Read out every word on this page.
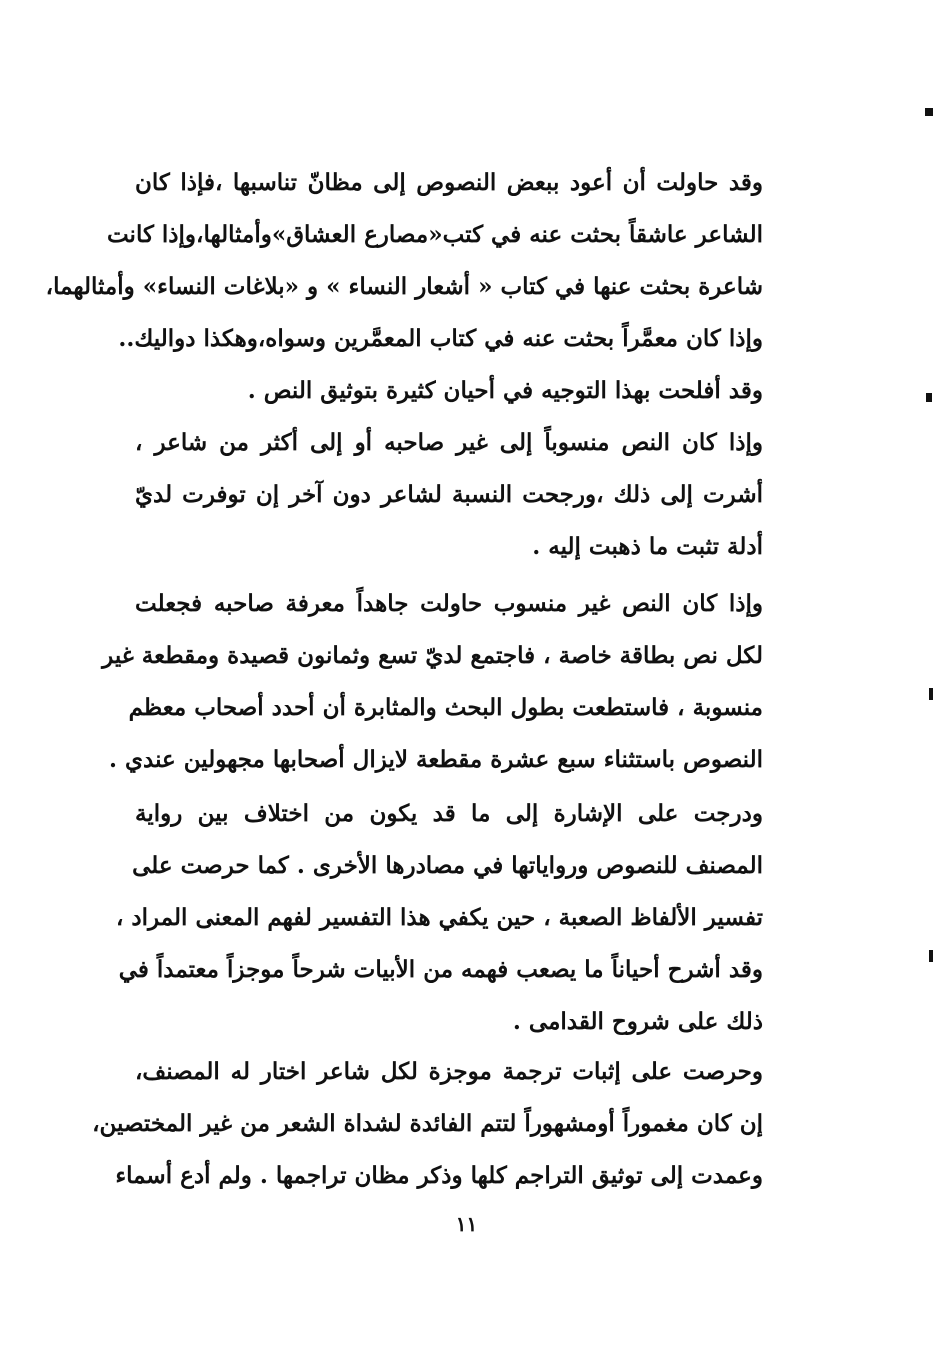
وقد حاولت أن أعود ببعض النصوص إلى مظانّ تناسبها ،فإذا كان
الشاعر عاشقاً بحثت عنه في كتب«مصارع العشاق»وأمثالها،وإذا كانت
شاعرة بحثت عنها في كتاب « أشعار النساء » و «بلاغات النساء» وأمثالهما،
وإذا كان معمَّراً بحثت عنه في كتاب المعمَّرين وسواه،وهكذا دواليك..
وقد أفلحت بهذا التوجيه في أحيان كثيرة بتوثيق النص .
وإذا كان النص منسوباً إلى غير صاحبه أو إلى أكثر من شاعر ،
أشرت إلى ذلك ،ورجحت النسبة لشاعر دون آخر إن توفرت لديّ
أدلة تثبت ما ذهبت إليه .
وإذا كان النص غير منسوب حاولت جاهداً معرفة صاحبه فجعلت
لكل نص بطاقة خاصة ، فاجتمع لديّ تسع وثمانون قصيدة ومقطعة غير
منسوبة ، فاستطعت بطول البحث والمثابرة أن أحدد أصحاب معظم
النصوص باستثناء سبع عشرة مقطعة لايزال أصحابها مجهولين عندي .
ودرجت على الإشارة إلى ما قد يكون من اختلاف بين رواية
المصنف للنصوص ورواياتها في مصادرها الأخرى . كما حرصت على
تفسير الألفاظ الصعبة ، حين يكفي هذا التفسير لفهم المعنى المراد ،
وقد أشرح أحياناً ما يصعب فهمه من الأبيات شرحاً موجزاً معتمداً في
ذلك على شروح القدامى .
وحرصت على إثبات ترجمة موجزة لكل شاعر اختار له المصنف،
إن كان مغموراً أومشهوراً لتتم الفائدة لشداة الشعر من غير المختصين،
وعمدت إلى توثيق التراجم كلها وذكر مظان تراجمها . ولم أدع أسماء
١١
